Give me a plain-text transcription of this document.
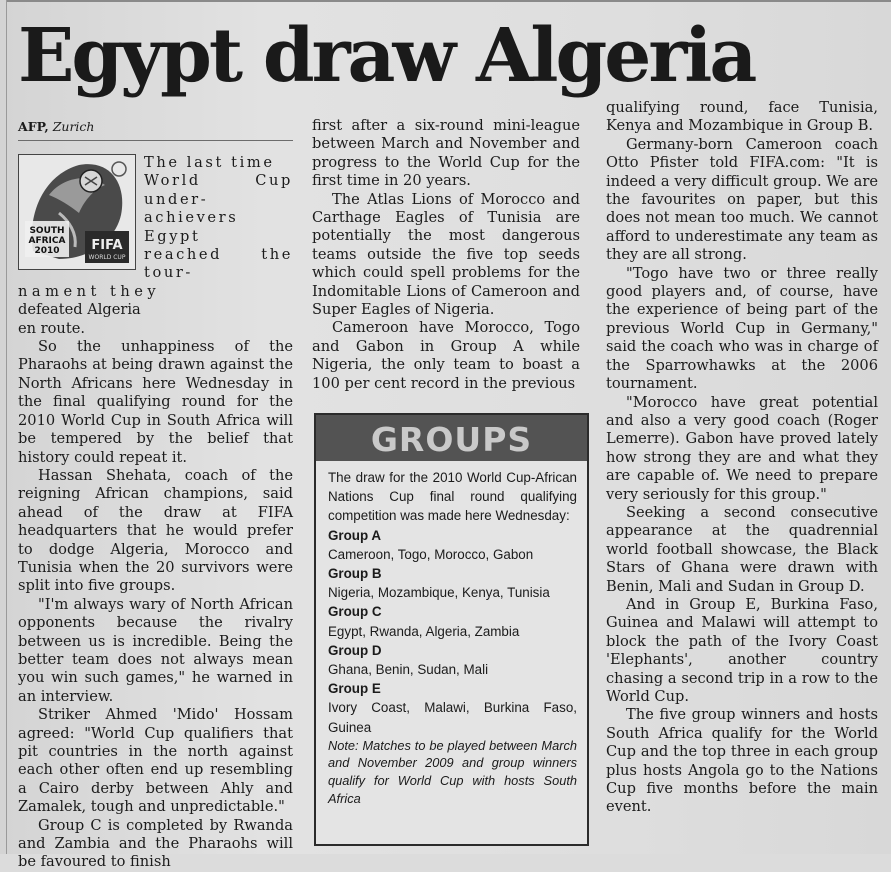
Egypt draw Algeria
AFP, Zurich
SOUTH
AFRICA
2010 FIFA
WORLD CUP
The last time
World Cup under-
achievers Egypt
reached the tour-
nament they
defeated Algeria
en route.

So the unhappiness of the Pharaohs at being drawn against the North Africans here Wednesday in the final qualifying round for the 2010 World Cup in South Africa will be tempered by the belief that history could repeat it.

Hassan Shehata, coach of the reigning African champions, said ahead of the draw at FIFA headquarters that he would prefer to dodge Algeria, Morocco and Tunisia when the 20 survivors were split into five groups.

"I'm always wary of North African opponents because the rivalry between us is incredible. Being the better team does not always mean you win such games," he warned in an interview.

Striker Ahmed 'Mido' Hossam agreed: "World Cup qualifiers that pit countries in the north against each other often end up resembling a Cairo derby between Ahly and Zamalek, tough and unpredictable."

Group C is completed by Rwanda and Zambia and the Pharaohs will be favoured to finish

first after a six-round mini-league between March and November and progress to the World Cup for the first time in 20 years.

The Atlas Lions of Morocco and Carthage Eagles of Tunisia are potentially the most dangerous teams outside the five top seeds which could spell problems for the Indomitable Lions of Cameroon and Super Eagles of Nigeria.

Cameroon have Morocco, Togo and Gabon in Group A while Nigeria, the only team to boast a 100 per cent record in the previous

GROUPS
The draw for the 2010 World Cup-African Nations Cup final round qualifying competition was made here Wednesday:
Group A
Cameroon, Togo, Morocco, Gabon
Group B
Nigeria, Mozambique, Kenya, Tunisia
Group C
Egypt, Rwanda, Algeria, Zambia
Group D
Ghana, Benin, Sudan, Mali
Group E
Ivory Coast, Malawi, Burkina Faso, Guinea
Note: Matches to be played between March and November 2009 and group winners qualify for World Cup with hosts South Africa

qualifying round, face Tunisia, Kenya and Mozambique in Group B.

Germany-born Cameroon coach Otto Pfister told FIFA.com: "It is indeed a very difficult group. We are the favourites on paper, but this does not mean too much. We cannot afford to underestimate any team as they are all strong.

"Togo have two or three really good players and, of course, have the experience of being part of the previous World Cup in Germany," said the coach who was in charge of the Sparrowhawks at the 2006 tournament.

"Morocco have great potential and also a very good coach (Roger Lemerre). Gabon have proved lately how strong they are and what they are capable of. We need to prepare very seriously for this group."

Seeking a second consecutive appearance at the quadrennial world football showcase, the Black Stars of Ghana were drawn with Benin, Mali and Sudan in Group D.

And in Group E, Burkina Faso, Guinea and Malawi will attempt to block the path of the Ivory Coast 'Elephants', another country chasing a second trip in a row to the World Cup.

The five group winners and hosts South Africa qualify for the World Cup and the top three in each group plus hosts Angola go to the Nations Cup five months before the main event.
